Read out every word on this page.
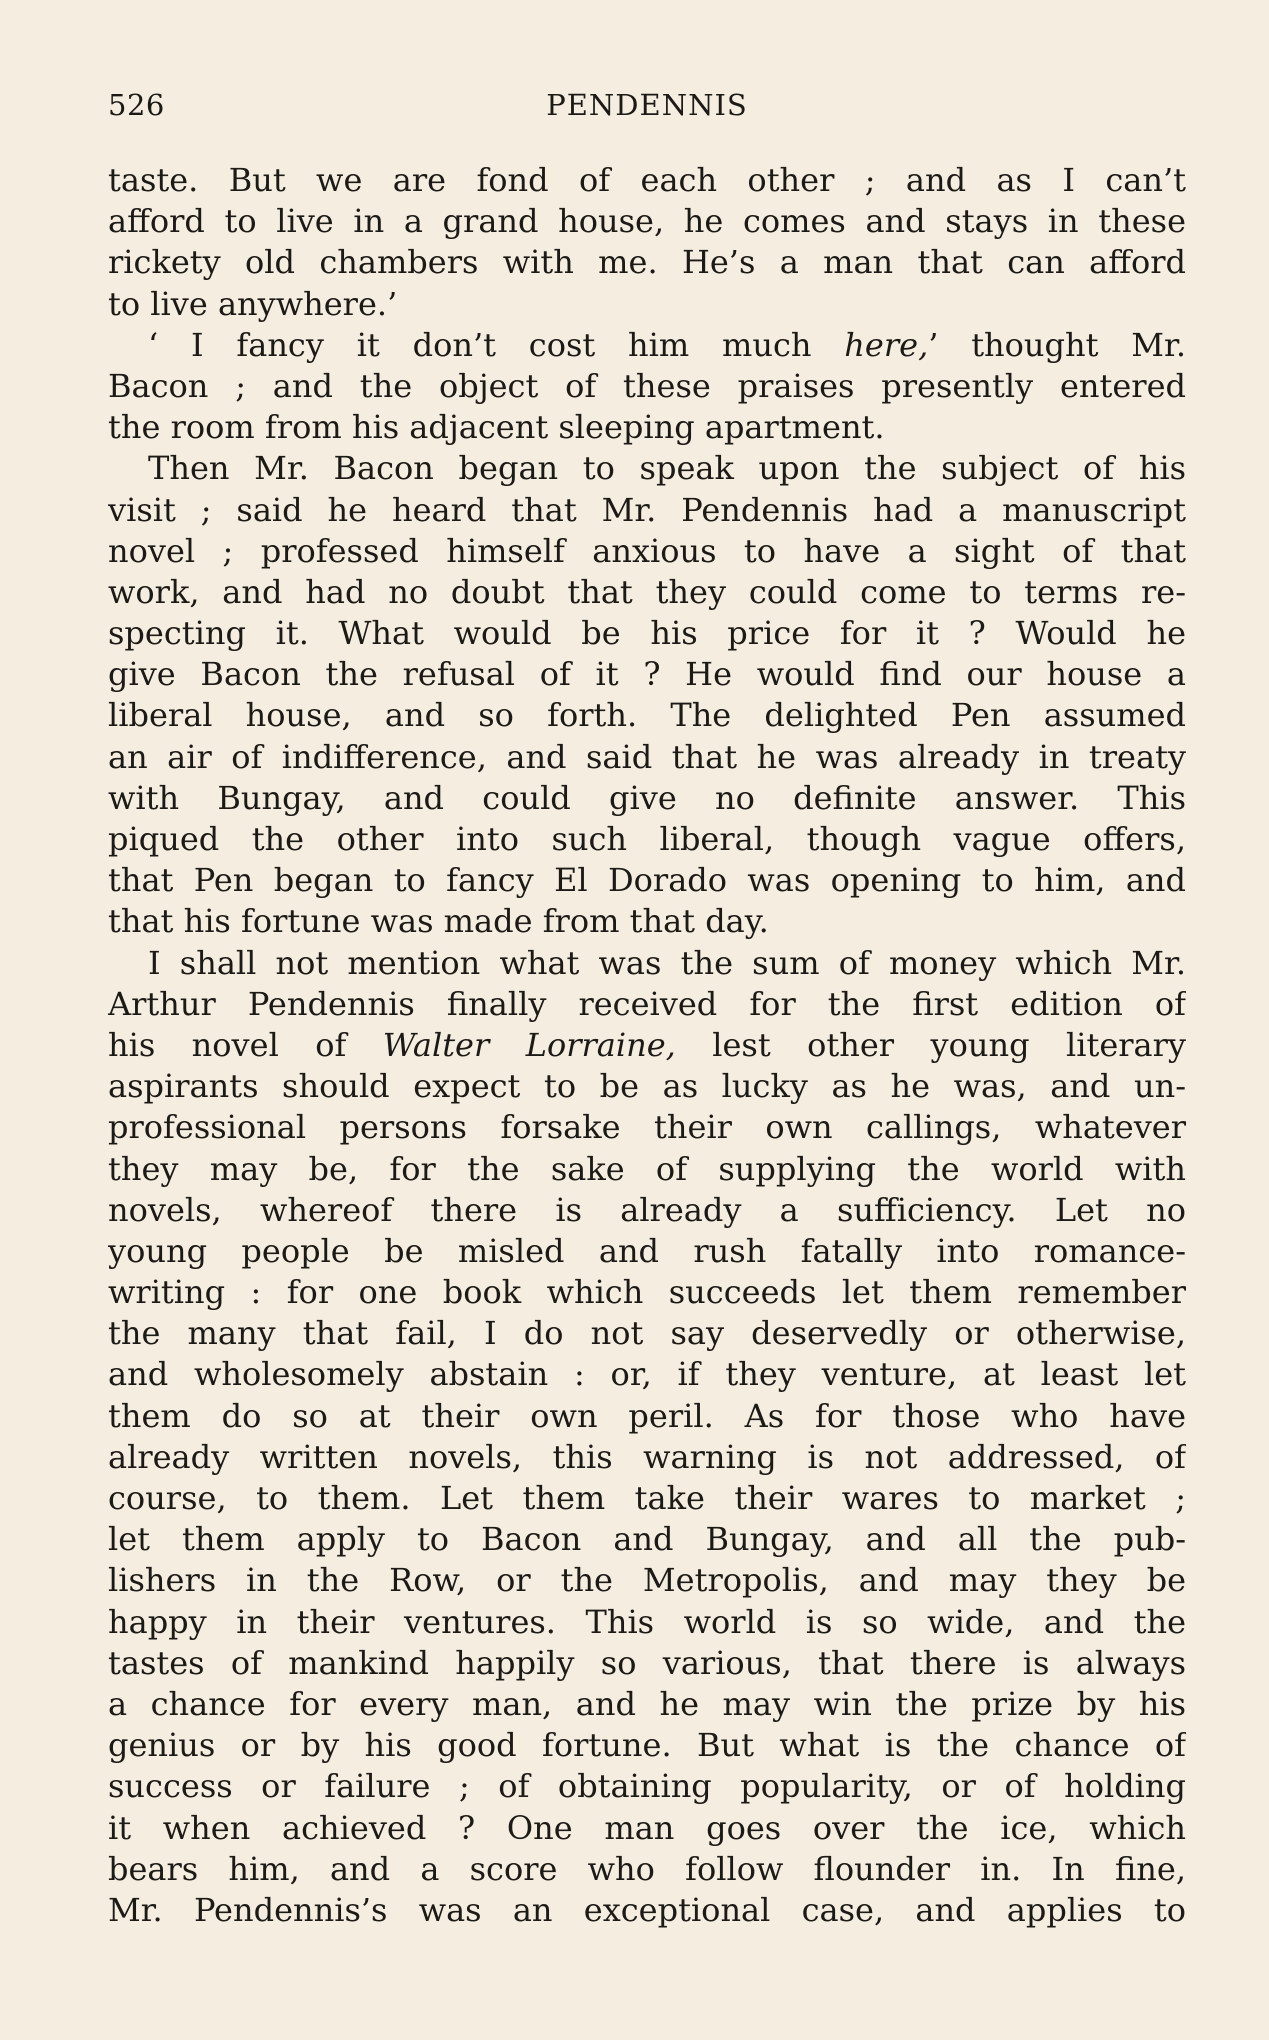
526	PENDENNIS
taste. But we are fond of each other ; and as I can’t
afford to live in a grand house, he comes and stays in these
rickety old chambers with me. He’s a man that can afford
to live anywhere.’
‘ I fancy it don’t cost him much here,’ thought Mr.
Bacon ; and the object of these praises presently entered
the room from his adjacent sleeping apartment.
Then Mr. Bacon began to speak upon the subject of his
visit ; said he heard that Mr. Pendennis had a manuscript
novel ; professed himself anxious to have a sight of that
work, and had no doubt that they could come to terms re-
specting it. What would be his price for it ? Would he
give Bacon the refusal of it ? He would find our house a
liberal house, and so forth. The delighted Pen assumed
an air of indifference, and said that he was already in treaty
with Bungay, and could give no definite answer. This
piqued the other into such liberal, though vague offers,
that Pen began to fancy El Dorado was opening to him, and
that his fortune was made from that day.
I shall not mention what was the sum of money which Mr.
Arthur Pendennis finally received for the first edition of
his novel of Walter Lorraine, lest other young literary
aspirants should expect to be as lucky as he was, and un-
professional persons forsake their own callings, whatever
they may be, for the sake of supplying the world with
novels, whereof there is already a sufficiency. Let no
young people be misled and rush fatally into romance-
writing : for one book which succeeds let them remember
the many that fail, I do not say deservedly or otherwise,
and wholesomely abstain : or, if they venture, at least let
them do so at their own peril. As for those who have
already written novels, this warning is not addressed, of
course, to them. Let them take their wares to market ;
let them apply to Bacon and Bungay, and all the pub-
lishers in the Row, or the Metropolis, and may they be
happy in their ventures. This world is so wide, and the
tastes of mankind happily so various, that there is always
a chance for every man, and he may win the prize by his
genius or by his good fortune. But what is the chance of
success or failure ; of obtaining popularity, or of holding
it when achieved ? One man goes over the ice, which
bears him, and a score who follow flounder in. In fine,
Mr. Pendennis’s was an exceptional case, and applies to
